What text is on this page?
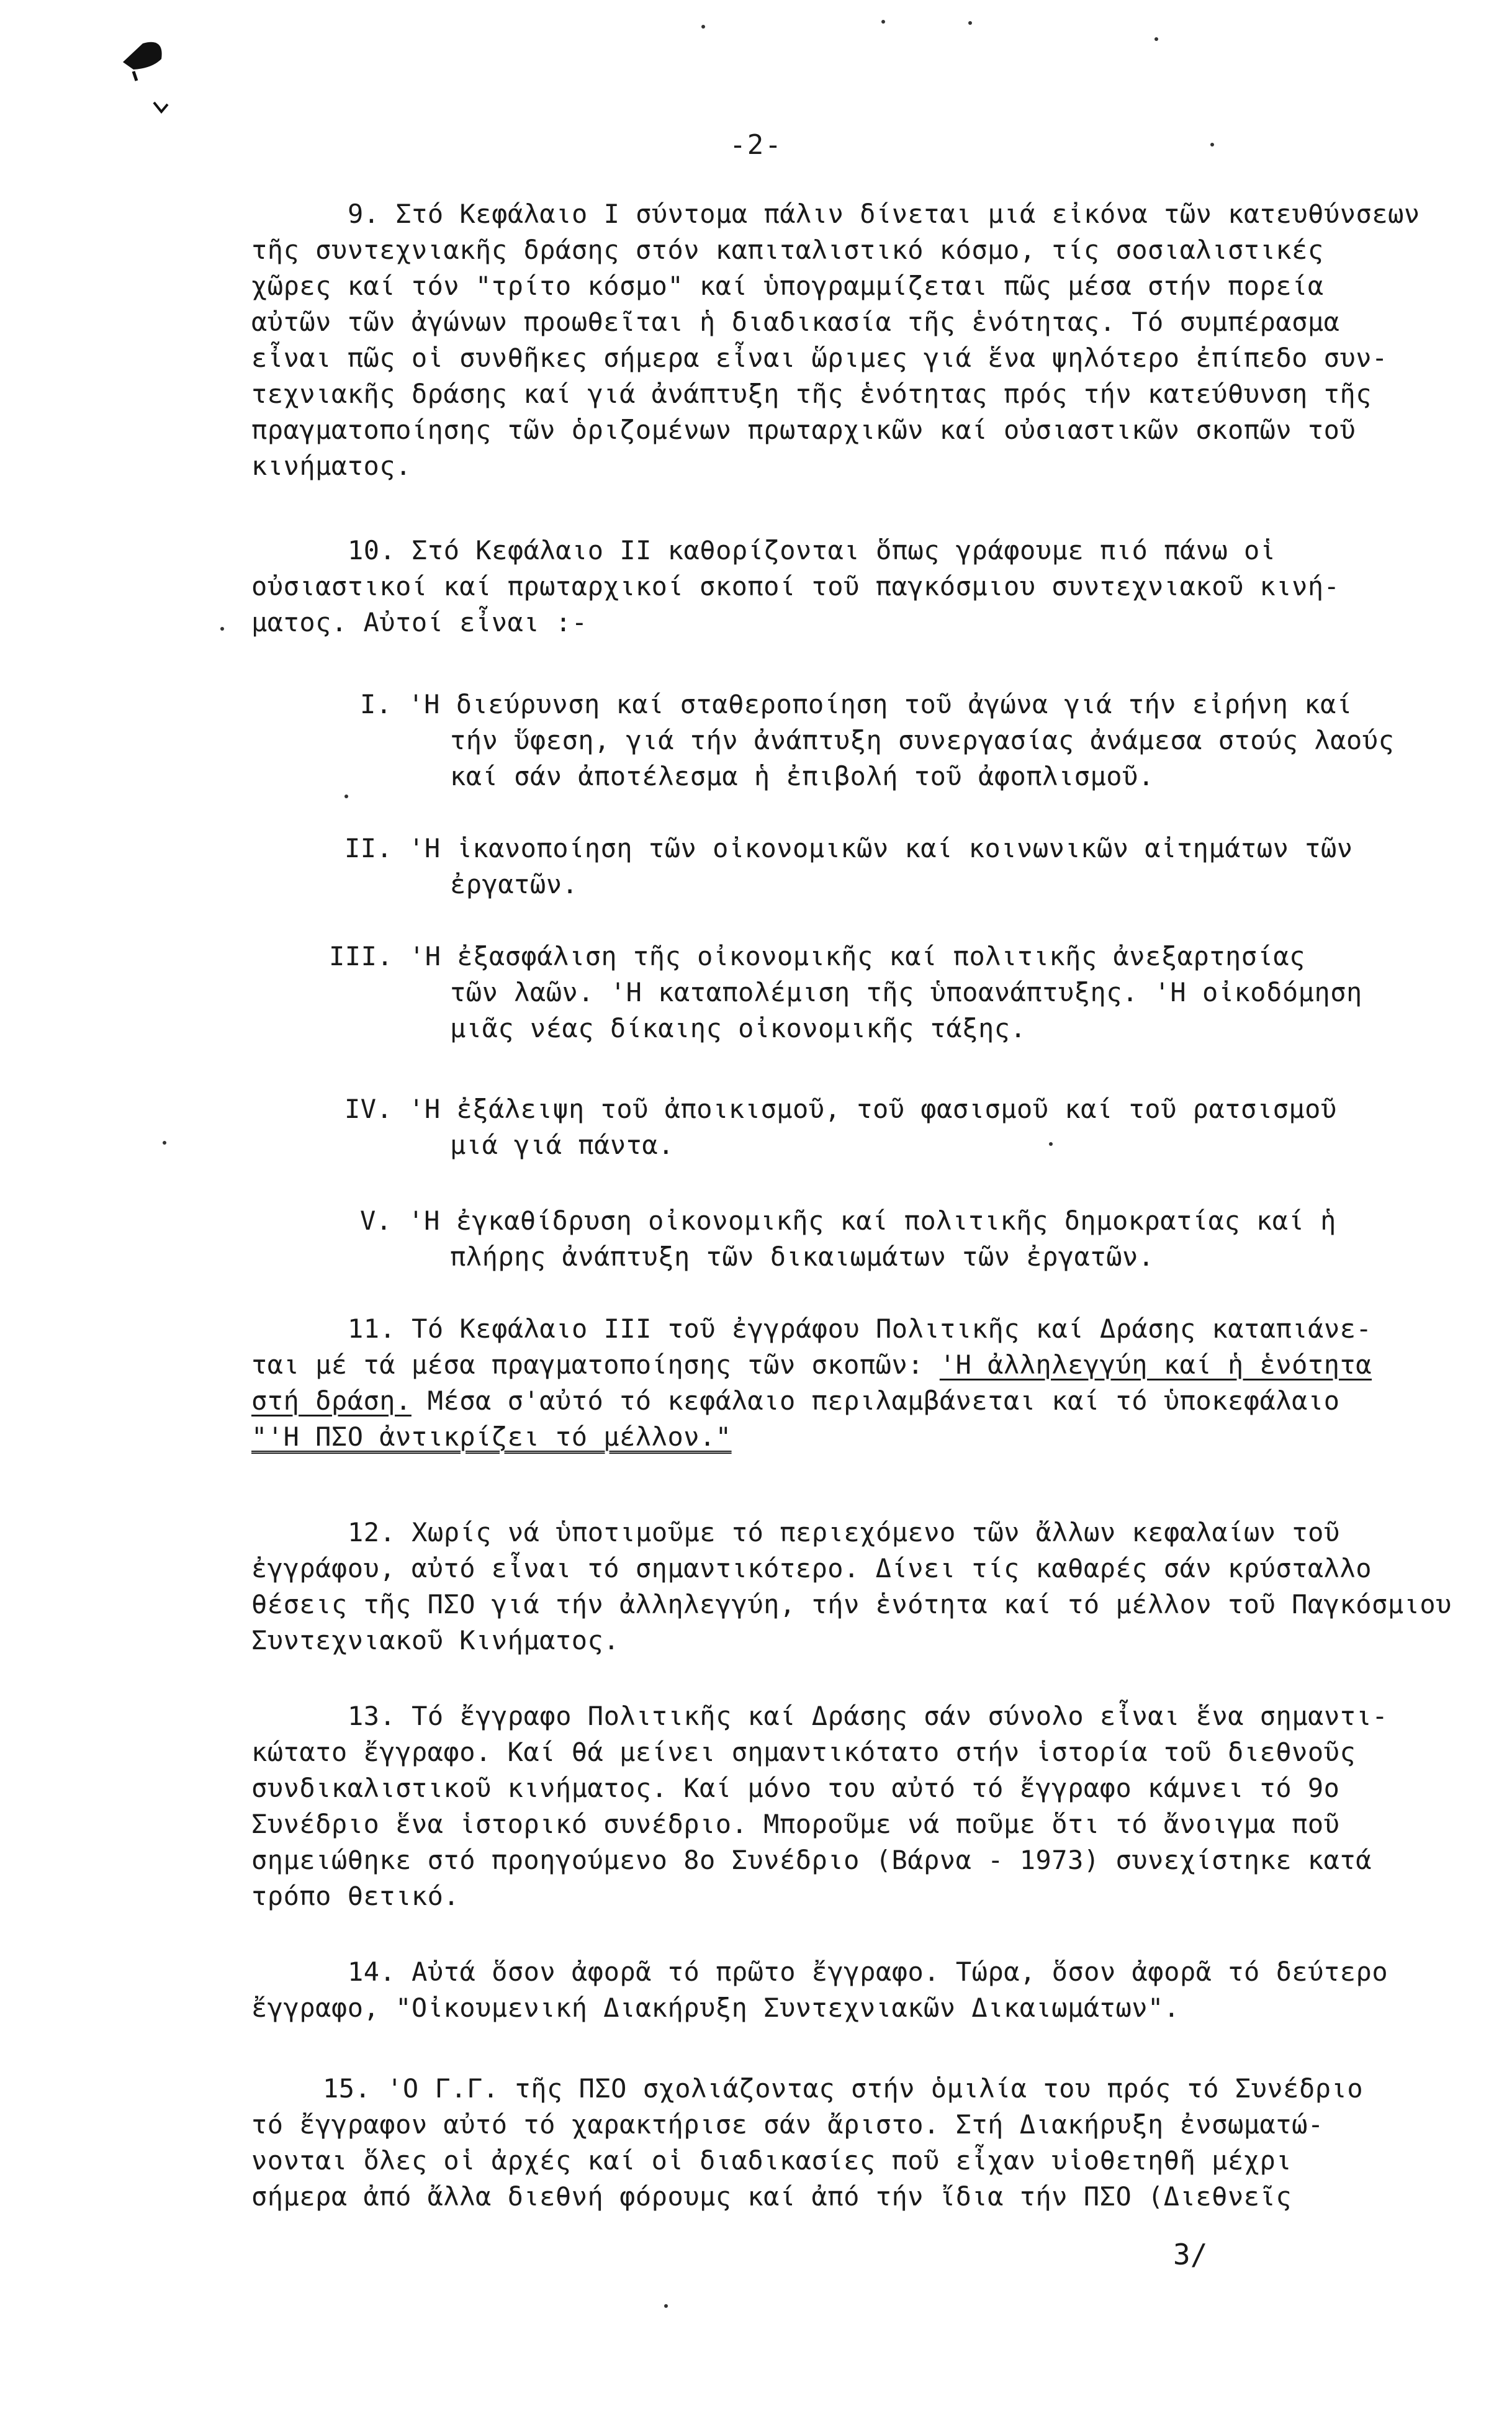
-2-
9. Στό Κεφάλαιο Ι σύντομα πάλιν δίνεται μιά εἰκόνα τῶν κατευθύνσεων
τῆς συντεχνιακῆς δράσης στόν καπιταλιστικό κόσμο, τίς σοσιαλιστικές
χῶρες καί τόν "τρίτο κόσμο" καί ὑπογραμμίζεται πῶς μέσα στήν πορεία
αὐτῶν τῶν ἀγώνων προωθεῖται ἡ διαδικασία τῆς ἑνότητας. Τό συμπέρασμα
εἶναι πῶς οἱ συνθῆκες σήμερα εἶναι ὥριμες γιά ἕνα ψηλότερο ἐπίπεδο συν-
τεχνιακῆς δράσης καί γιά ἀνάπτυξη τῆς ἑνότητας πρός τήν κατεύθυνση τῆς
πραγματοποίησης τῶν ὁριζομένων πρωταρχικῶν καί οὐσιαστικῶν σκοπῶν τοῦ
κινήματος.
10. Στό Κεφάλαιο ΙΙ καθορίζονται ὅπως γράφουμε πιό πάνω οἱ
οὐσιαστικοί καί πρωταρχικοί σκοποί τοῦ παγκόσμιου συντεχνιακοῦ κινή-
ματος. Αὐτοί εἶναι :-
Ι. 'Η διεύρυνση καί σταθεροποίηση τοῦ ἀγώνα γιά τήν εἰρήνη καί
τήν ὕφεση, γιά τήν ἀνάπτυξη συνεργασίας ἀνάμεσα στούς λαούς
καί σάν ἀποτέλεσμα ἡ ἐπιβολή τοῦ ἀφοπλισμοῦ.
ΙΙ. 'Η ἱκανοποίηση τῶν οἰκονομικῶν καί κοινωνικῶν αἰτημάτων τῶν
ἐργατῶν.
ΙΙΙ. 'Η ἐξασφάλιση τῆς οἰκονομικῆς καί πολιτικῆς ἀνεξαρτησίας
τῶν λαῶν. 'Η καταπολέμιση τῆς ὑποανάπτυξης. 'Η οἰκοδόμηση
μιᾶς νέας δίκαιης οἰκονομικῆς τάξης.
ΙV. 'Η ἐξάλειψη τοῦ ἀποικισμοῦ, τοῦ φασισμοῦ καί τοῦ ρατσισμοῦ
μιά γιά πάντα.
V. 'Η ἐγκαθίδρυση οἰκονομικῆς καί πολιτικῆς δημοκρατίας καί ἡ
πλήρης ἀνάπτυξη τῶν δικαιωμάτων τῶν ἐργατῶν.
11. Τό Κεφάλαιο ΙΙΙ τοῦ ἐγγράφου Πολιτικῆς καί Δράσης καταπιάνε-
ται μέ τά μέσα πραγματοποίησης τῶν σκοπῶν: 'Η ἀλληλεγγύη καί ἡ ἑνότητα
στή δράση. Μέσα σ'αὐτό τό κεφάλαιο περιλαμβάνεται καί τό ὑποκεφάλαιο
"'Η ΠΣΟ ἀντικρίζει τό μέλλον."
12. Χωρίς νά ὑποτιμοῦμε τό περιεχόμενο τῶν ἄλλων κεφαλαίων τοῦ
ἐγγράφου, αὐτό εἶναι τό σημαντικότερο. Δίνει τίς καθαρές σάν κρύσταλλο
θέσεις τῆς ΠΣΟ γιά τήν ἀλληλεγγύη, τήν ἑνότητα καί τό μέλλον τοῦ Παγκόσμιου
Συντεχνιακοῦ Κινήματος.
13. Τό ἔγγραφο Πολιτικῆς καί Δράσης σάν σύνολο εἶναι ἕνα σημαντι-
κώτατο ἔγγραφο. Καί θά μείνει σημαντικότατο στήν ἱστορία τοῦ διεθνοῦς
συνδικαλιστικοῦ κινήματος. Καί μόνο του αὐτό τό ἔγγραφο κάμνει τό 9ο
Συνέδριο ἕνα ἱστορικό συνέδριο. Μποροῦμε νά ποῦμε ὅτι τό ἄνοιγμα ποῦ
σημειώθηκε στό προηγούμενο 8ο Συνέδριο (Βάρνα - 1973) συνεχίστηκε κατά
τρόπο θετικό.
14. Αὐτά ὅσον ἀφορᾶ τό πρῶτο ἔγγραφο. Τώρα, ὅσον ἀφορᾶ τό δεύτερο
ἔγγραφο, "Οἰκουμενική Διακήρυξη Συντεχνιακῶν Δικαιωμάτων".
15. 'Ο Γ.Γ. τῆς ΠΣΟ σχολιάζοντας στήν ὁμιλία του πρός τό Συνέδριο
τό ἔγγραφον αὐτό τό χαρακτήρισε σάν ἄριστο. Στή Διακήρυξη ἐνσωματώ-
νονται ὅλες οἱ ἀρχές καί οἱ διαδικασίες ποῦ εἶχαν υἱοθετηθῆ μέχρι
σήμερα ἀπό ἄλλα διεθνή φόρουμς καί ἀπό τήν ἴδια τήν ΠΣΟ (Διεθνεῖς
3/
